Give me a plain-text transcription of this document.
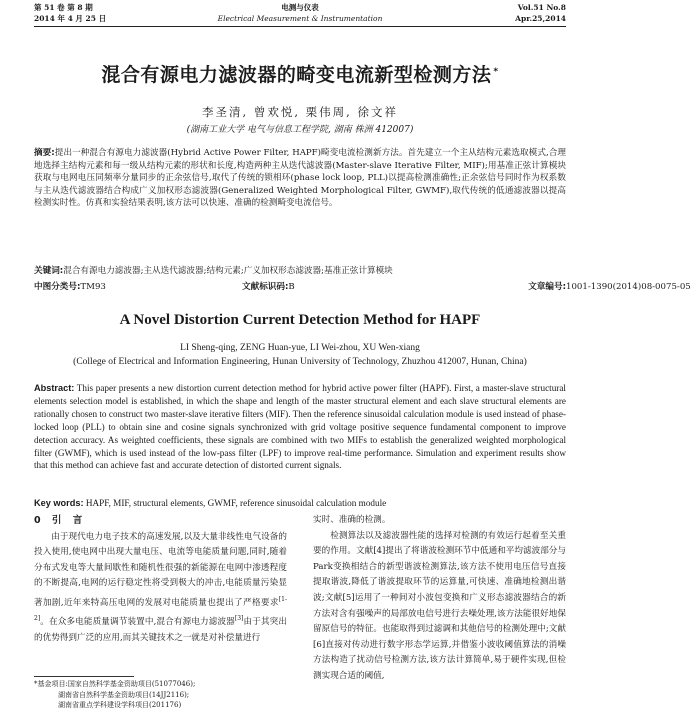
第 51 卷 第 8 期	电测与仪表	Vol.51 No.8
2014 年 4 月 25 日	Electrical Measurement & Instrumentation	Apr.25,2014
混合有源电力滤波器的畸变电流新型检测方法 *
李圣清, 曾欢悦, 栗伟周, 徐文祥
(湖南工业大学 电气与信息工程学院, 湖南 株洲 412007)
摘要:提出一种混合有源电力滤波器(Hybrid Active Power Filter, HAPF)畸变电流检测新方法。首先建立一个主从结构元素选取模式,合理地选择主结构元素和每一级从结构元素的形状和长度,构造两种主从迭代滤波器(Master-slave Iterative Filter, MIF);用基准正弦计算模块获取与电网电压同频率分量同步的正余弦信号,取代了传统的锁相环(phase lock loop, PLL)以提高检测准确性;正余弦信号同时作为权系数与主从迭代滤波器结合构成广义加权形态滤波器(Generalized Weighted Morphological Filter, GWMF),取代传统的低通滤波器以提高检测实时性。仿真和实验结果表明,该方法可以快速、准确的检测畸变电流信号。
关键词:混合有源电力滤波器;主从迭代滤波器;结构元素;广义加权形态滤波器;基准正弦计算模块
中图分类号: TM93	文献标识码: B	文章编号: 1001-1390(2014)08-0075-05
A Novel Distortion Current Detection Method for HAPF
LI Sheng-qing, ZENG Huan-yue, LI Wei-zhou, XU Wen-xiang
(College of Electrical and Information Engineering, Hunan University of Technology, Zhuzhou 412007, Hunan, China)
Abstract: This paper presents a new distortion current detection method for hybrid active power filter (HAPF). First, a master-slave structural elements selection model is established, in which the shape and length of the master structural element and each slave structural elements are rationally chosen to construct two master-slave iterative filters (MIF). Then the reference sinusoidal calculation module is used instead of phase-locked loop (PLL) to obtain sine and cosine signals synchronized with grid voltage positive sequence fundamental component to improve detection accuracy. As weighted coefficients, these signals are combined with two MIFs to establish the generalized weighted morphological filter (GWMF), which is used instead of the low-pass filter (LPF) to improve real-time performance. Simulation and experiment results show that this method can achieve fast and accurate detection of distorted current signals.
Key words: HAPF, MIF, structural elements, GWMF, reference sinusoidal calculation module
0 引 言
由于现代电力电子技术的高速发展,以及大量非线性电气设备的投入使用,使电网中出现大量电压、电流等电能质量问题,同时,随着分布式发电等大量间歇性和随机性很强的新能源在电网中渗透程度的不断提高,电网的运行稳定性将受到极大的冲击,电能质量污染显著加剧,近年来特高压电网的发展对电能质量也提出了严格要求[1-2]。在众多电能质量调节装置中,混合有源电力滤波器[3]由于其突出的优势得到广泛的应用,而其关键技术之一就是对补偿量进行
实时、准确的检测。
检测算法以及滤波器性能的选择对检测的有效运行起着至关重要的作用。文献[4]提出了将谐波检测环节中低通和平均滤波部分与Park变换相结合的新型谐波检测算法,该方法不使用电压信号直接提取谐波,降低了谐波提取环节的运算量,可快速、准确地检测出谐波;文献[5]运用了一种间对小波包变换和广义形态滤波器结合的新方法对含有强噪声的局部放电信号进行去噪处理,该方法能很好地保留原信号的特征。也能取得到过滤调和其他信号的检测处理中;文献[6]直接对传动进行数字形态学运算,并借鉴小波收阈值算法的消噪方法构造了扰动信号检测方法,该方法计算简单,易于硬件实现,但检测实现合适的阈值,
*基金项目:国家自然科学基金资助项目(51077046);
湖南省自然科学基金资助项目(14JJ2116);
湖南省重点学科建设学科项目(201176)
